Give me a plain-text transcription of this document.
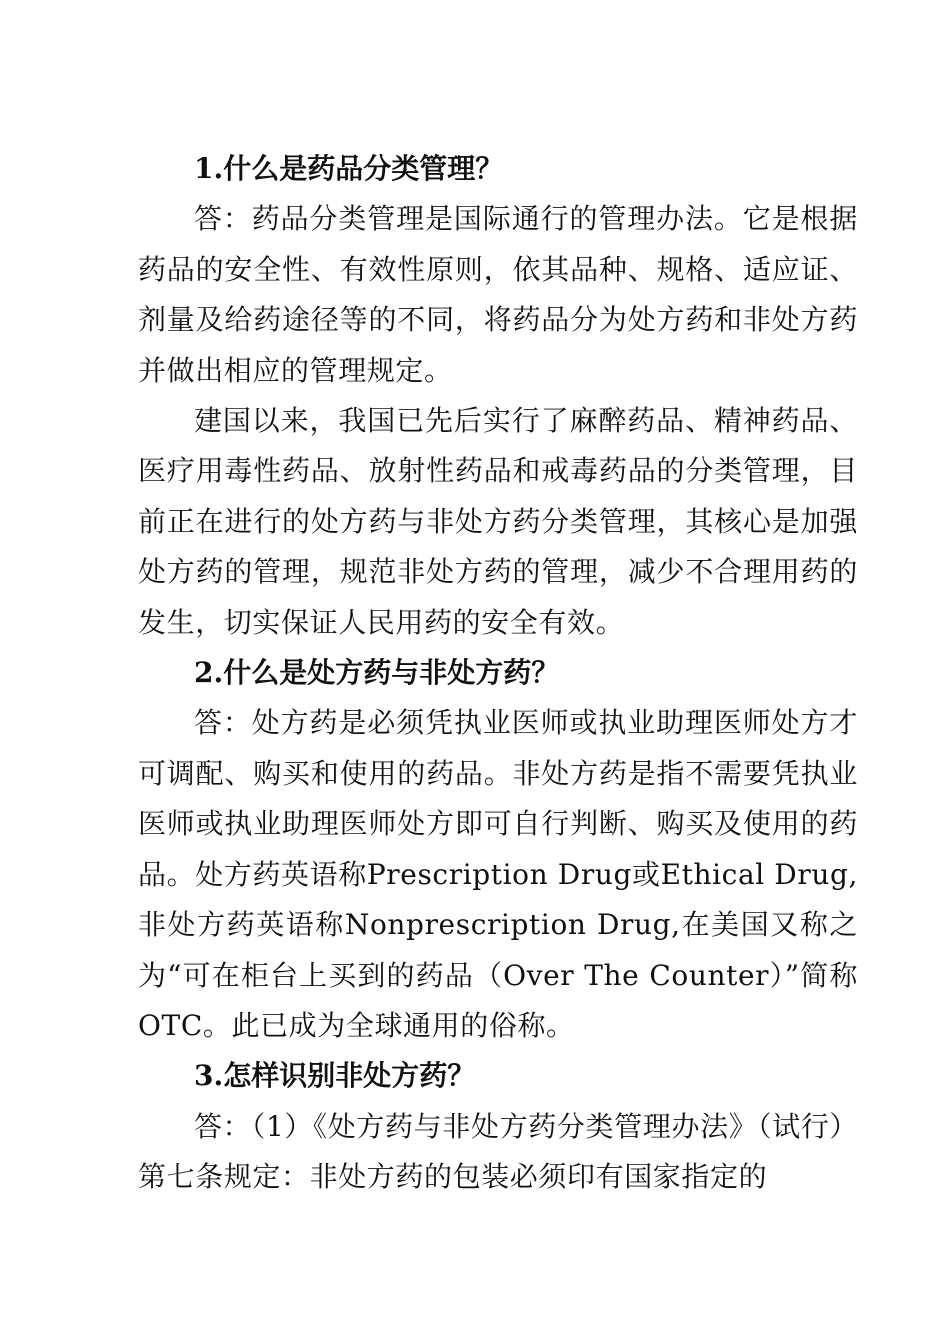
1.什么是药品分类管理？

答：药品分类管理是国际通行的管理办法。它是根据药品的安全性、有效性原则，依其品种、规格、适应证、剂量及给药途径等的不同，将药品分为处方药和非处方药并做出相应的管理规定。

建国以来，我国已先后实行了麻醉药品、精神药品、医疗用毒性药品、放射性药品和戒毒药品的分类管理，目前正在进行的处方药与非处方药分类管理，其核心是加强处方药的管理，规范非处方药的管理，减少不合理用药的发生，切实保证人民用药的安全有效。

2.什么是处方药与非处方药？

答：处方药是必须凭执业医师或执业助理医师处方才可调配、购买和使用的药品。非处方药是指不需要凭执业医师或执业助理医师处方即可自行判断、购买及使用的药品。处方药英语称Prescription Drug或Ethical Drug,非处方药英语称Nonprescription Drug,在美国又称之为“可在柜台上买到的药品（Over The Counter）”简称OTC。此已成为全球通用的俗称。

3.怎样识别非处方药？

答：（1）《处方药与非处方药分类管理办法》（试行）第七条规定：非处方药的包装必须印有国家指定的
